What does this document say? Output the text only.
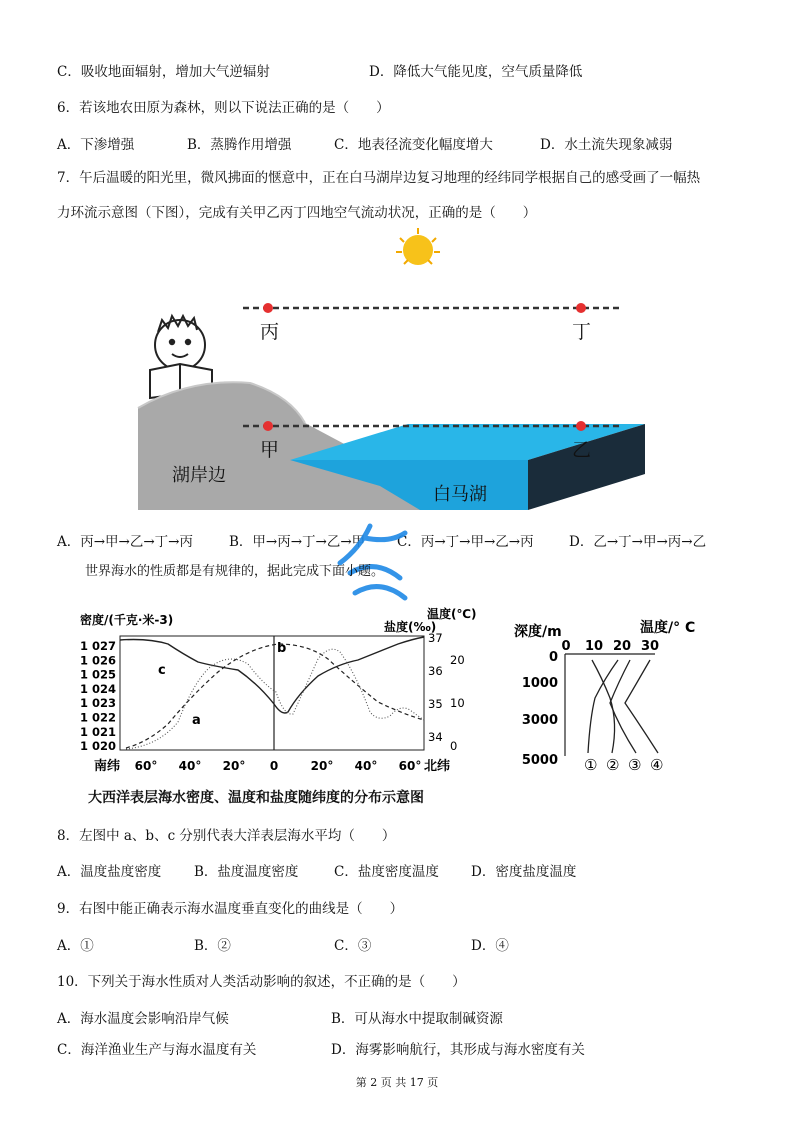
C．吸收地面辐射，增加大气逆辐射	D．降低大气能见度，空气质量降低
6．若该地农田原为森林，则以下说法正确的是（　　）
A．下渗增强	B．蒸腾作用增强	C．地表径流变化幅度增大	D．水土流失现象减弱
7．午后温暖的阳光里，微风拂面的惬意中，正在白马湖岸边复习地理的经纬同学根据自己的感受画了一幅热
力环流示意图（下图），完成有关甲乙丙丁四地空气流动状况，正确的是（　　）
丙	丁
甲	乙
湖岸边
白马湖
A．丙→甲→乙→丁→丙	B．甲→丙→丁→乙→甲 C．丙→丁→甲→乙→丙	D．乙→丁→甲→丙→乙
世界海水的性质都是有规律的，据此完成下面小题。
密度/(千克·米-3)	温度(℃)
盐度(‰)
1 027
1 026
1 025
1 024
1 023
1 022
1 021
1 020
37
36
35
34
20
10
0
a
b
c
60° 40° 20° 0	20° 40° 60°
南纬	北纬
深度/m	温度/° C
0 10 20 30
0
1000
3000
5000 ① ② ③ ④
大西洋表层海水密度、温度和盐度随纬度的分布示意图
8．左图中 a、b、c 分别代表大洋表层海水平均（　　）
A．温度盐度密度 B．盐度温度密度	C．盐度密度温度 D．密度盐度温度
9．右图中能正确表示海水温度垂直变化的曲线是（　　）
A．①	B．②	C．③	D．④
10．下列关于海水性质对人类活动影响的叙述，不正确的是（　　）
A．海水温度会影响沿岸气候	B．可从海水中提取制碱资源
C．海洋渔业生产与海水温度有关	D．海雾影响航行，其形成与海水密度有关
第 2 页 共 17 页
